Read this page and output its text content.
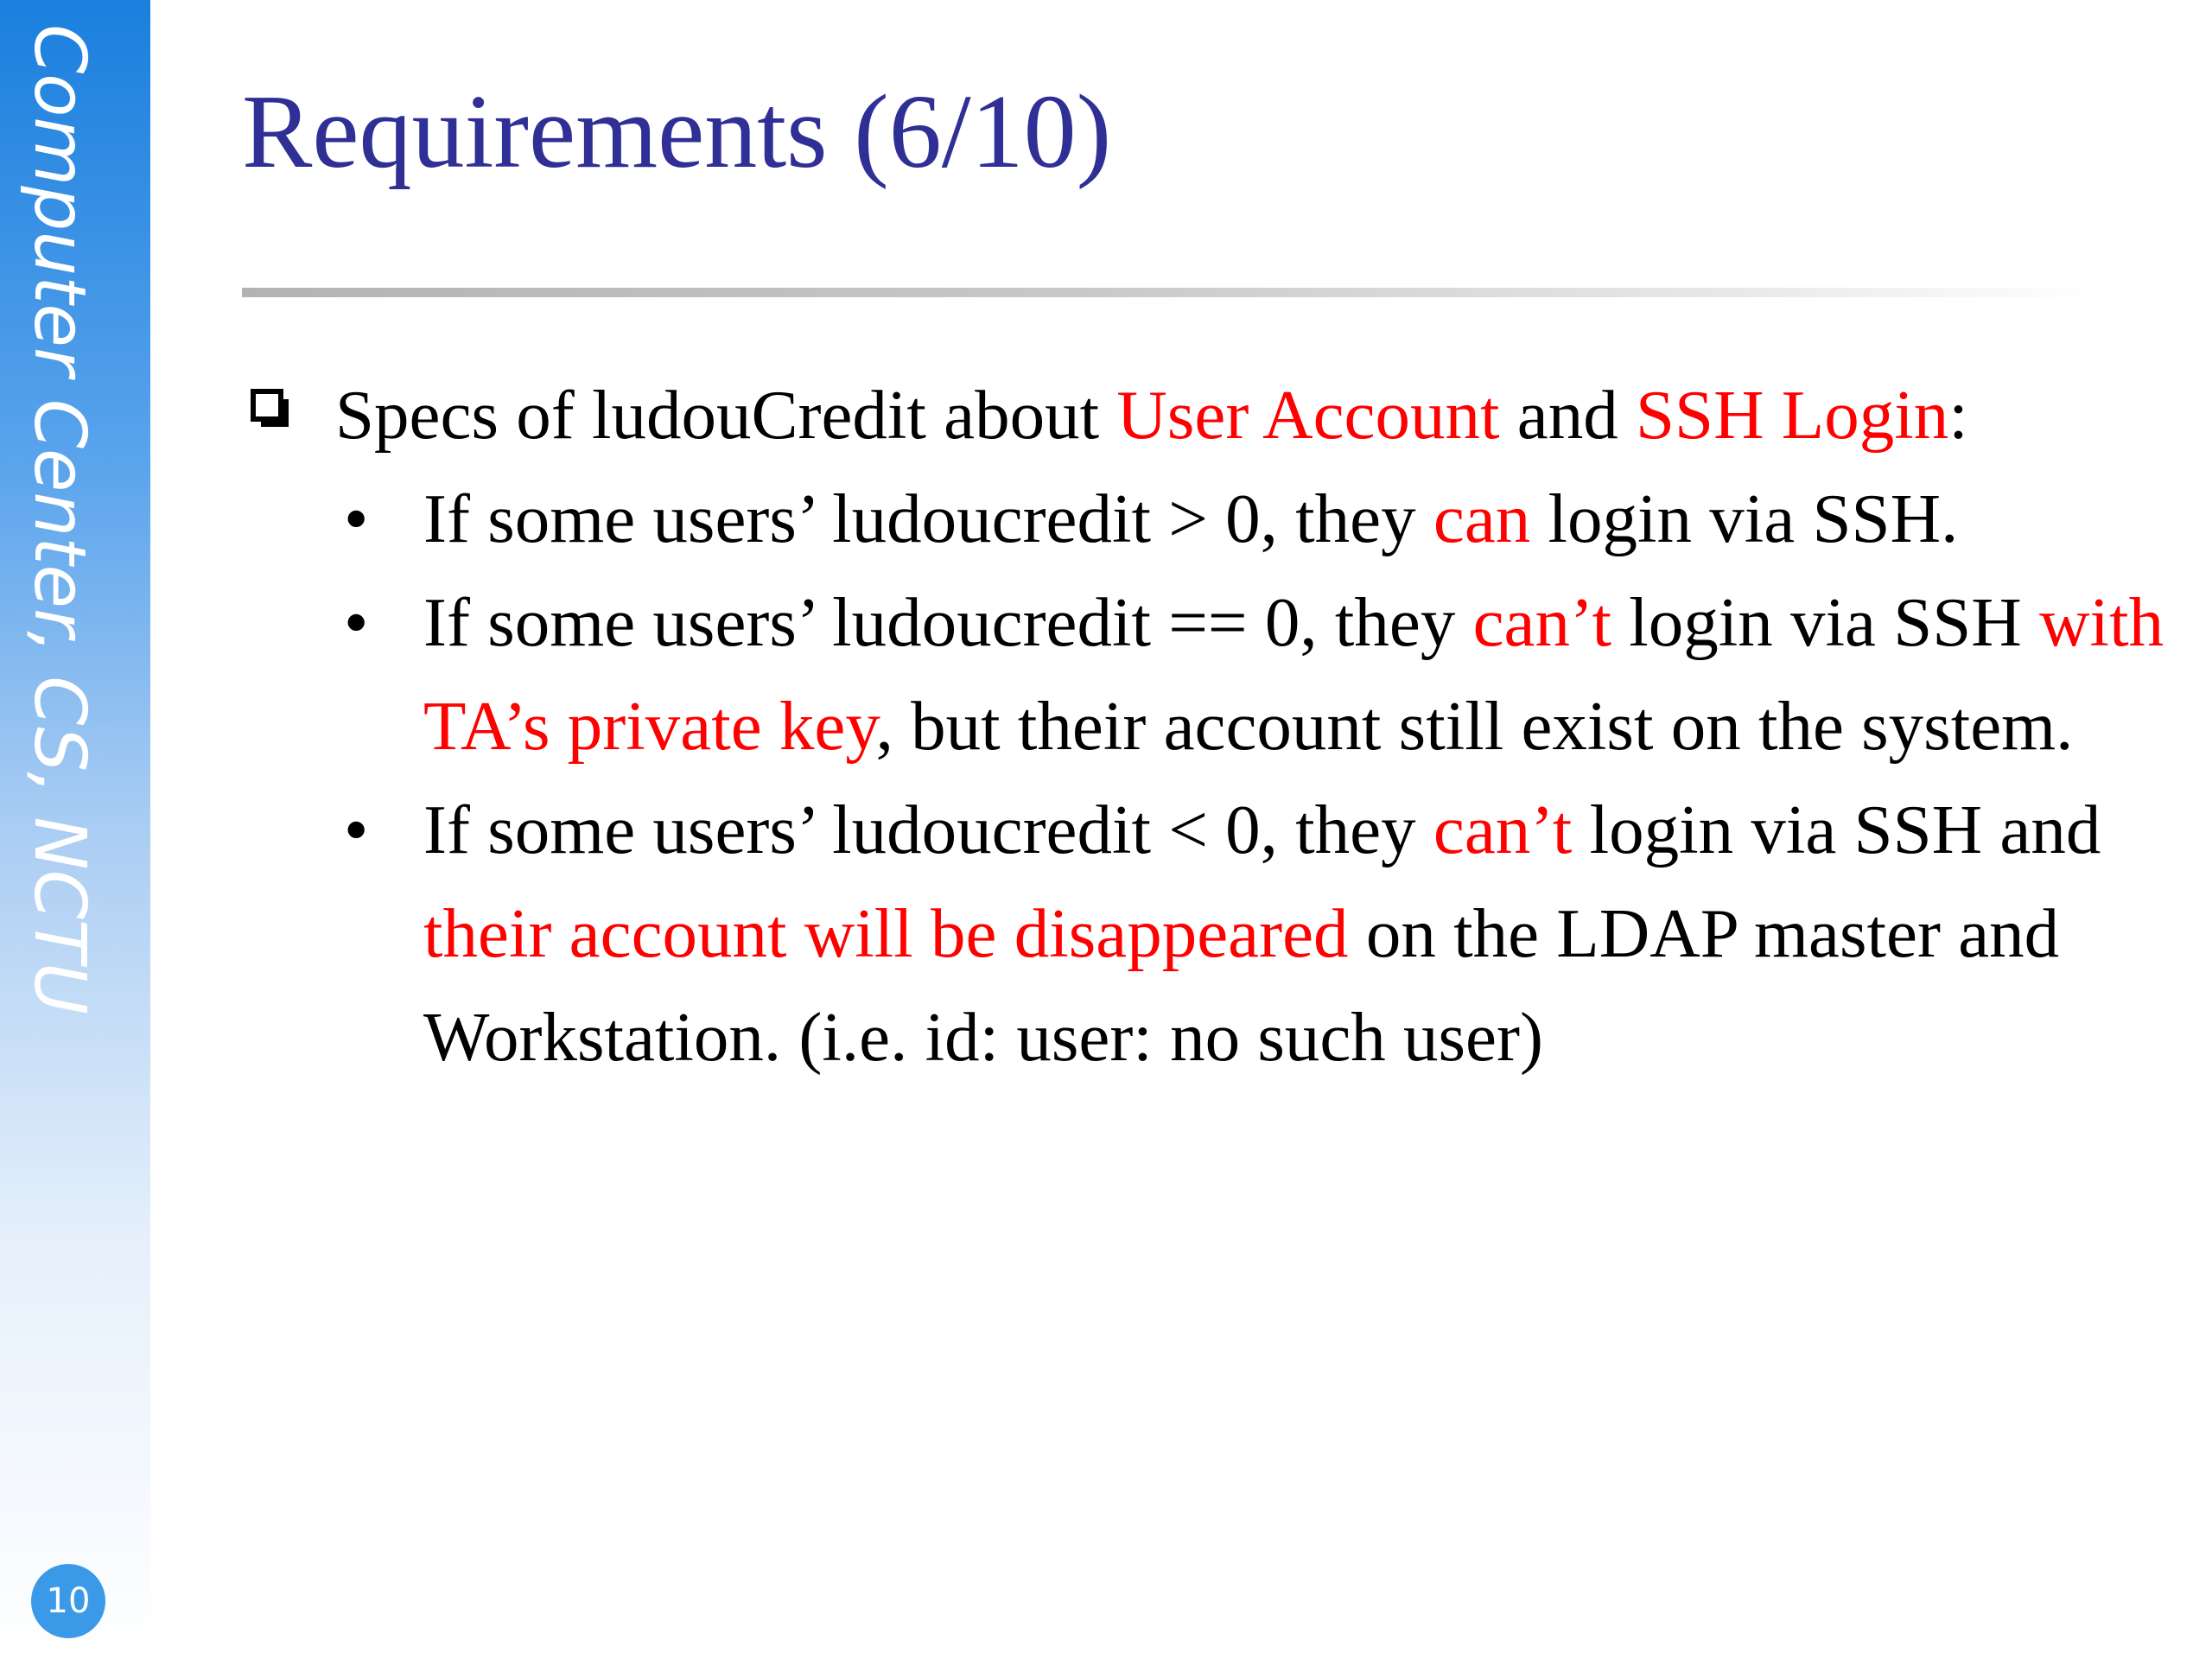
Computer Center, CS, NCTU
10
Requirements (6/10)
Specs of ludouCredit about User Account and SSH Login:
• If some users’ ludoucredit > 0, they can login via SSH.
• If some users’ ludoucredit == 0, they can’t login via SSH with TA’s private key, but their account still exist on the system.
• If some users’ ludoucredit < 0, they can’t login via SSH and their account will be disappeared on the LDAP master and Workstation. (i.e. id: user: no such user)
